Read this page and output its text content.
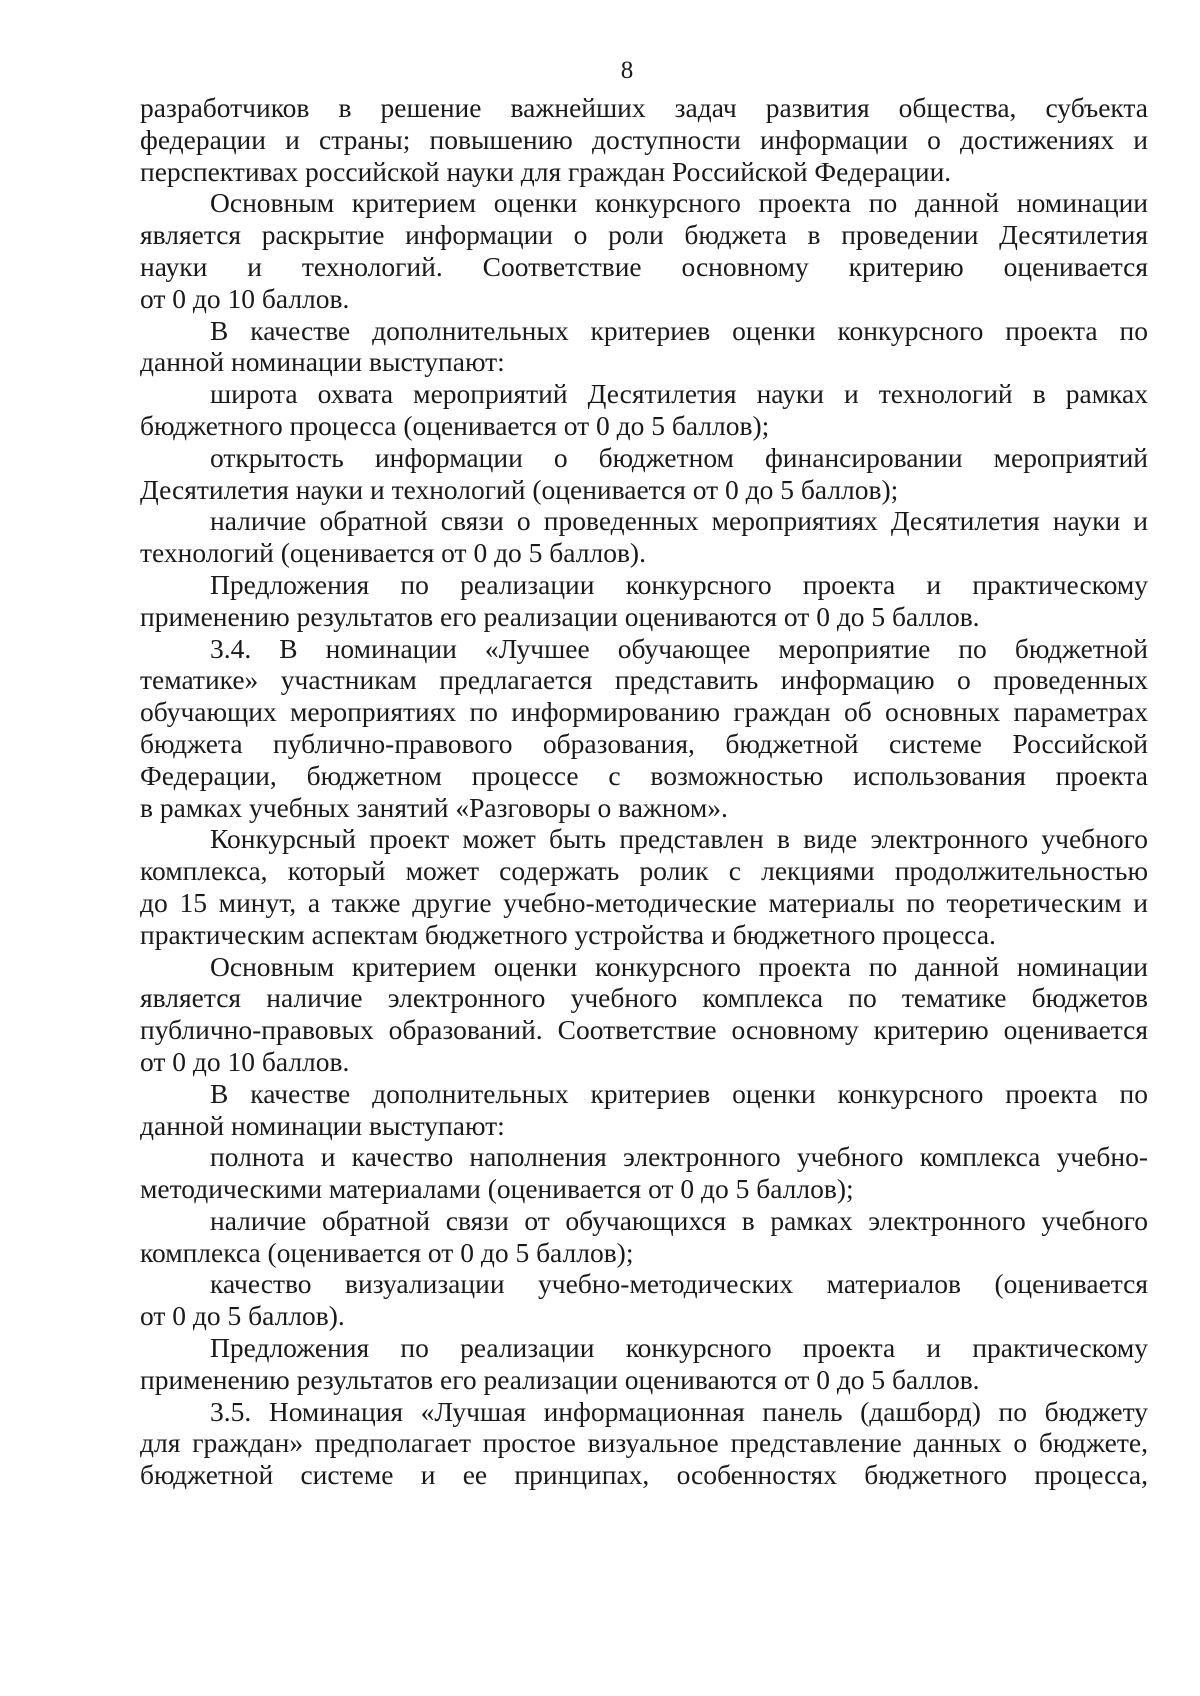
8

разработчиков в решение важнейших задач развития общества, субъекта

федерации и страны; повышению доступности информации о достижениях и

перспективах российской науки для граждан Российской Федерации.

Основным критерием оценки конкурсного проекта по данной номинации

является раскрытие информации о роли бюджета в проведении Десятилетия

науки и технологий. Соответствие основному критерию оценивается

от 0 до 10 баллов.

В качестве дополнительных критериев оценки конкурсного проекта по

данной номинации выступают:

широта охвата мероприятий Десятилетия науки и технологий в рамках

бюджетного процесса (оценивается от 0 до 5 баллов);

открытость информации о бюджетном финансировании мероприятий

Десятилетия науки и технологий (оценивается от 0 до 5 баллов);

наличие обратной связи о проведенных мероприятиях Десятилетия науки и

технологий (оценивается от 0 до 5 баллов).

Предложения по реализации конкурсного проекта и практическому

применению результатов его реализации оцениваются от 0 до 5 баллов.

3.4. В номинации «Лучшее обучающее мероприятие по бюджетной

тематике» участникам предлагается представить информацию о проведенных

обучающих мероприятиях по информированию граждан об основных параметрах

бюджета публично-правового образования, бюджетной системе Российской

Федерации, бюджетном процессе с возможностью использования проекта

в рамках учебных занятий «Разговоры о важном».

Конкурсный проект может быть представлен в виде электронного учебного

комплекса, который может содержать ролик с лекциями продолжительностью

до 15 минут, а также другие учебно-методические материалы по теоретическим и

практическим аспектам бюджетного устройства и бюджетного процесса.

Основным критерием оценки конкурсного проекта по данной номинации

является наличие электронного учебного комплекса по тематике бюджетов

публично-правовых образований. Соответствие основному критерию оценивается

от 0 до 10 баллов.

В качестве дополнительных критериев оценки конкурсного проекта по

данной номинации выступают:

полнота и качество наполнения электронного учебного комплекса учебно-

методическими материалами (оценивается от 0 до 5 баллов);

наличие обратной связи от обучающихся в рамках электронного учебного

комплекса (оценивается от 0 до 5 баллов);

качество визуализации учебно-методических материалов (оценивается

от 0 до 5 баллов).

Предложения по реализации конкурсного проекта и практическому

применению результатов его реализации оцениваются от 0 до 5 баллов.

3.5. Номинация «Лучшая информационная панель (дашборд) по бюджету

для граждан» предполагает простое визуальное представление данных о бюджете,

бюджетной системе и ее принципах, особенностях бюджетного процесса,
